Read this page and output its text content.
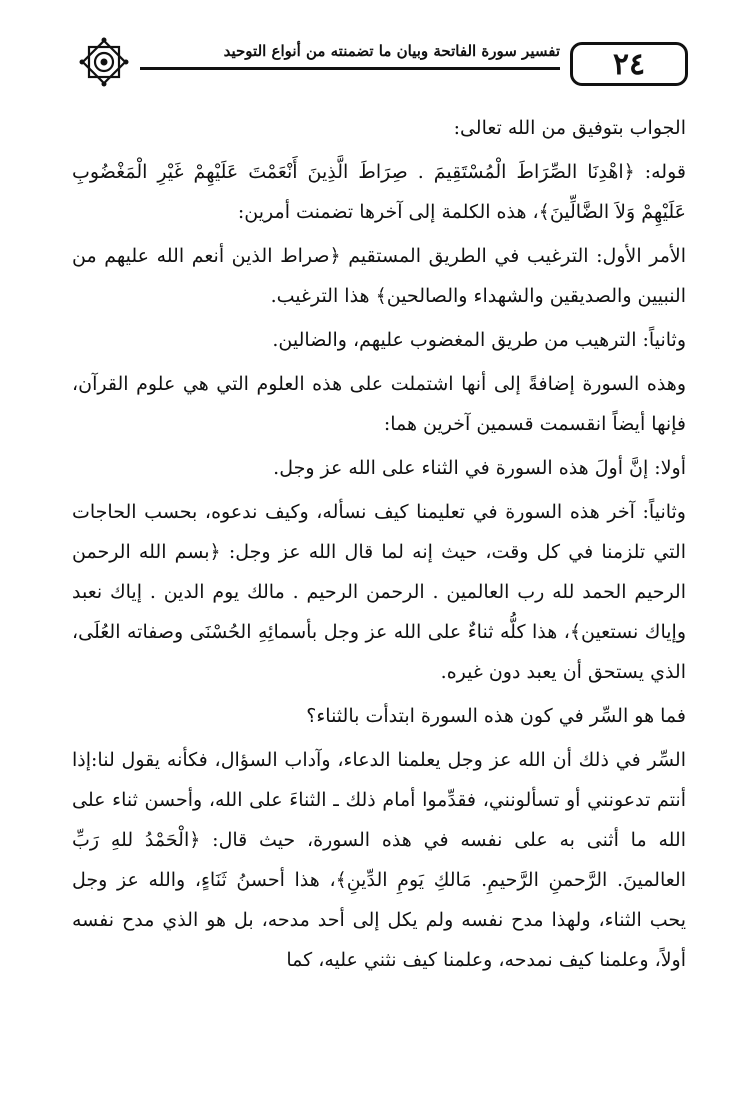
تفسير سورة الفاتحة وبيان ما تضمنته من أنواع التوحيد	٢٤

الجواب بتوفيق من الله تعالى:

قوله: ﴿اهْدِنَا الصِّرَاطَ الْمُسْتَقِيمَ . صِرَاطَ الَّذِينَ أَنْعَمْتَ عَلَيْهِمْ غَيْرِ الْمَغْضُوبِ عَلَيْهِمْ وَلاَ الضَّالِّينَ﴾، هذه الكلمة إلى آخرها تضمنت أمرين:

الأمر الأول: الترغيب في الطريق المستقيم ﴿صراط الذين أنعم الله عليهم من النبيين والصديقين والشهداء والصالحين﴾ هذا الترغيب.

وثانياً: الترهيب من طريق المغضوب عليهم، والضالين.

وهذه السورة إضافةً إلى أنها اشتملت على هذه العلوم التي هي علوم القرآن، فإنها أيضاً انقسمت قسمين آخرين هما:

أولا: إنَّ أولَ هذه السورة في الثناء على الله عز وجل.

وثانياً: آخر هذه السورة في تعليمنا كيف نسأله، وكيف ندعوه، بحسب الحاجات التي تلزمنا في كل وقت، حيث إنه لما قال الله عز وجل: ﴿بسم الله الرحمن الرحيم الحمد لله رب العالمين . الرحمن الرحيم . مالك يوم الدين . إياك نعبد وإياك نستعين﴾، هذا كلُّه ثناءٌ على الله عز وجل بأسمائِهِ الحُسْنَى وصفاته العُلَى، الذي يستحق أن يعبد دون غيره.

فما هو السِّر في كون هذه السورة ابتدأت بالثناء؟

السِّر في ذلك أن الله عز وجل يعلمنا الدعاء، وآداب السؤال، فكأنه يقول لنا:إذا أنتم تدعونني أو تسألونني، فقدِّموا أمام ذلك ـ الثناءَ على الله، وأحسن ثناء على الله ما أثنى به على نفسه في هذه السورة، حيث قال: ﴿الْحَمْدُ للهِ رَبِّ العالمينَ. الرَّحمنِ الرَّحيمِ. مَالكِ يَومِ الدِّينِ﴾، هذا أحسنُ ثَنَاءٍ، والله عز وجل يحب الثناء، ولهذا مدح نفسه ولم يكل إلى أحد مدحه، بل هو الذي مدح نفسه أولاً، وعلمنا كيف نمدحه، وعلمنا كيف نثني عليه، كما
